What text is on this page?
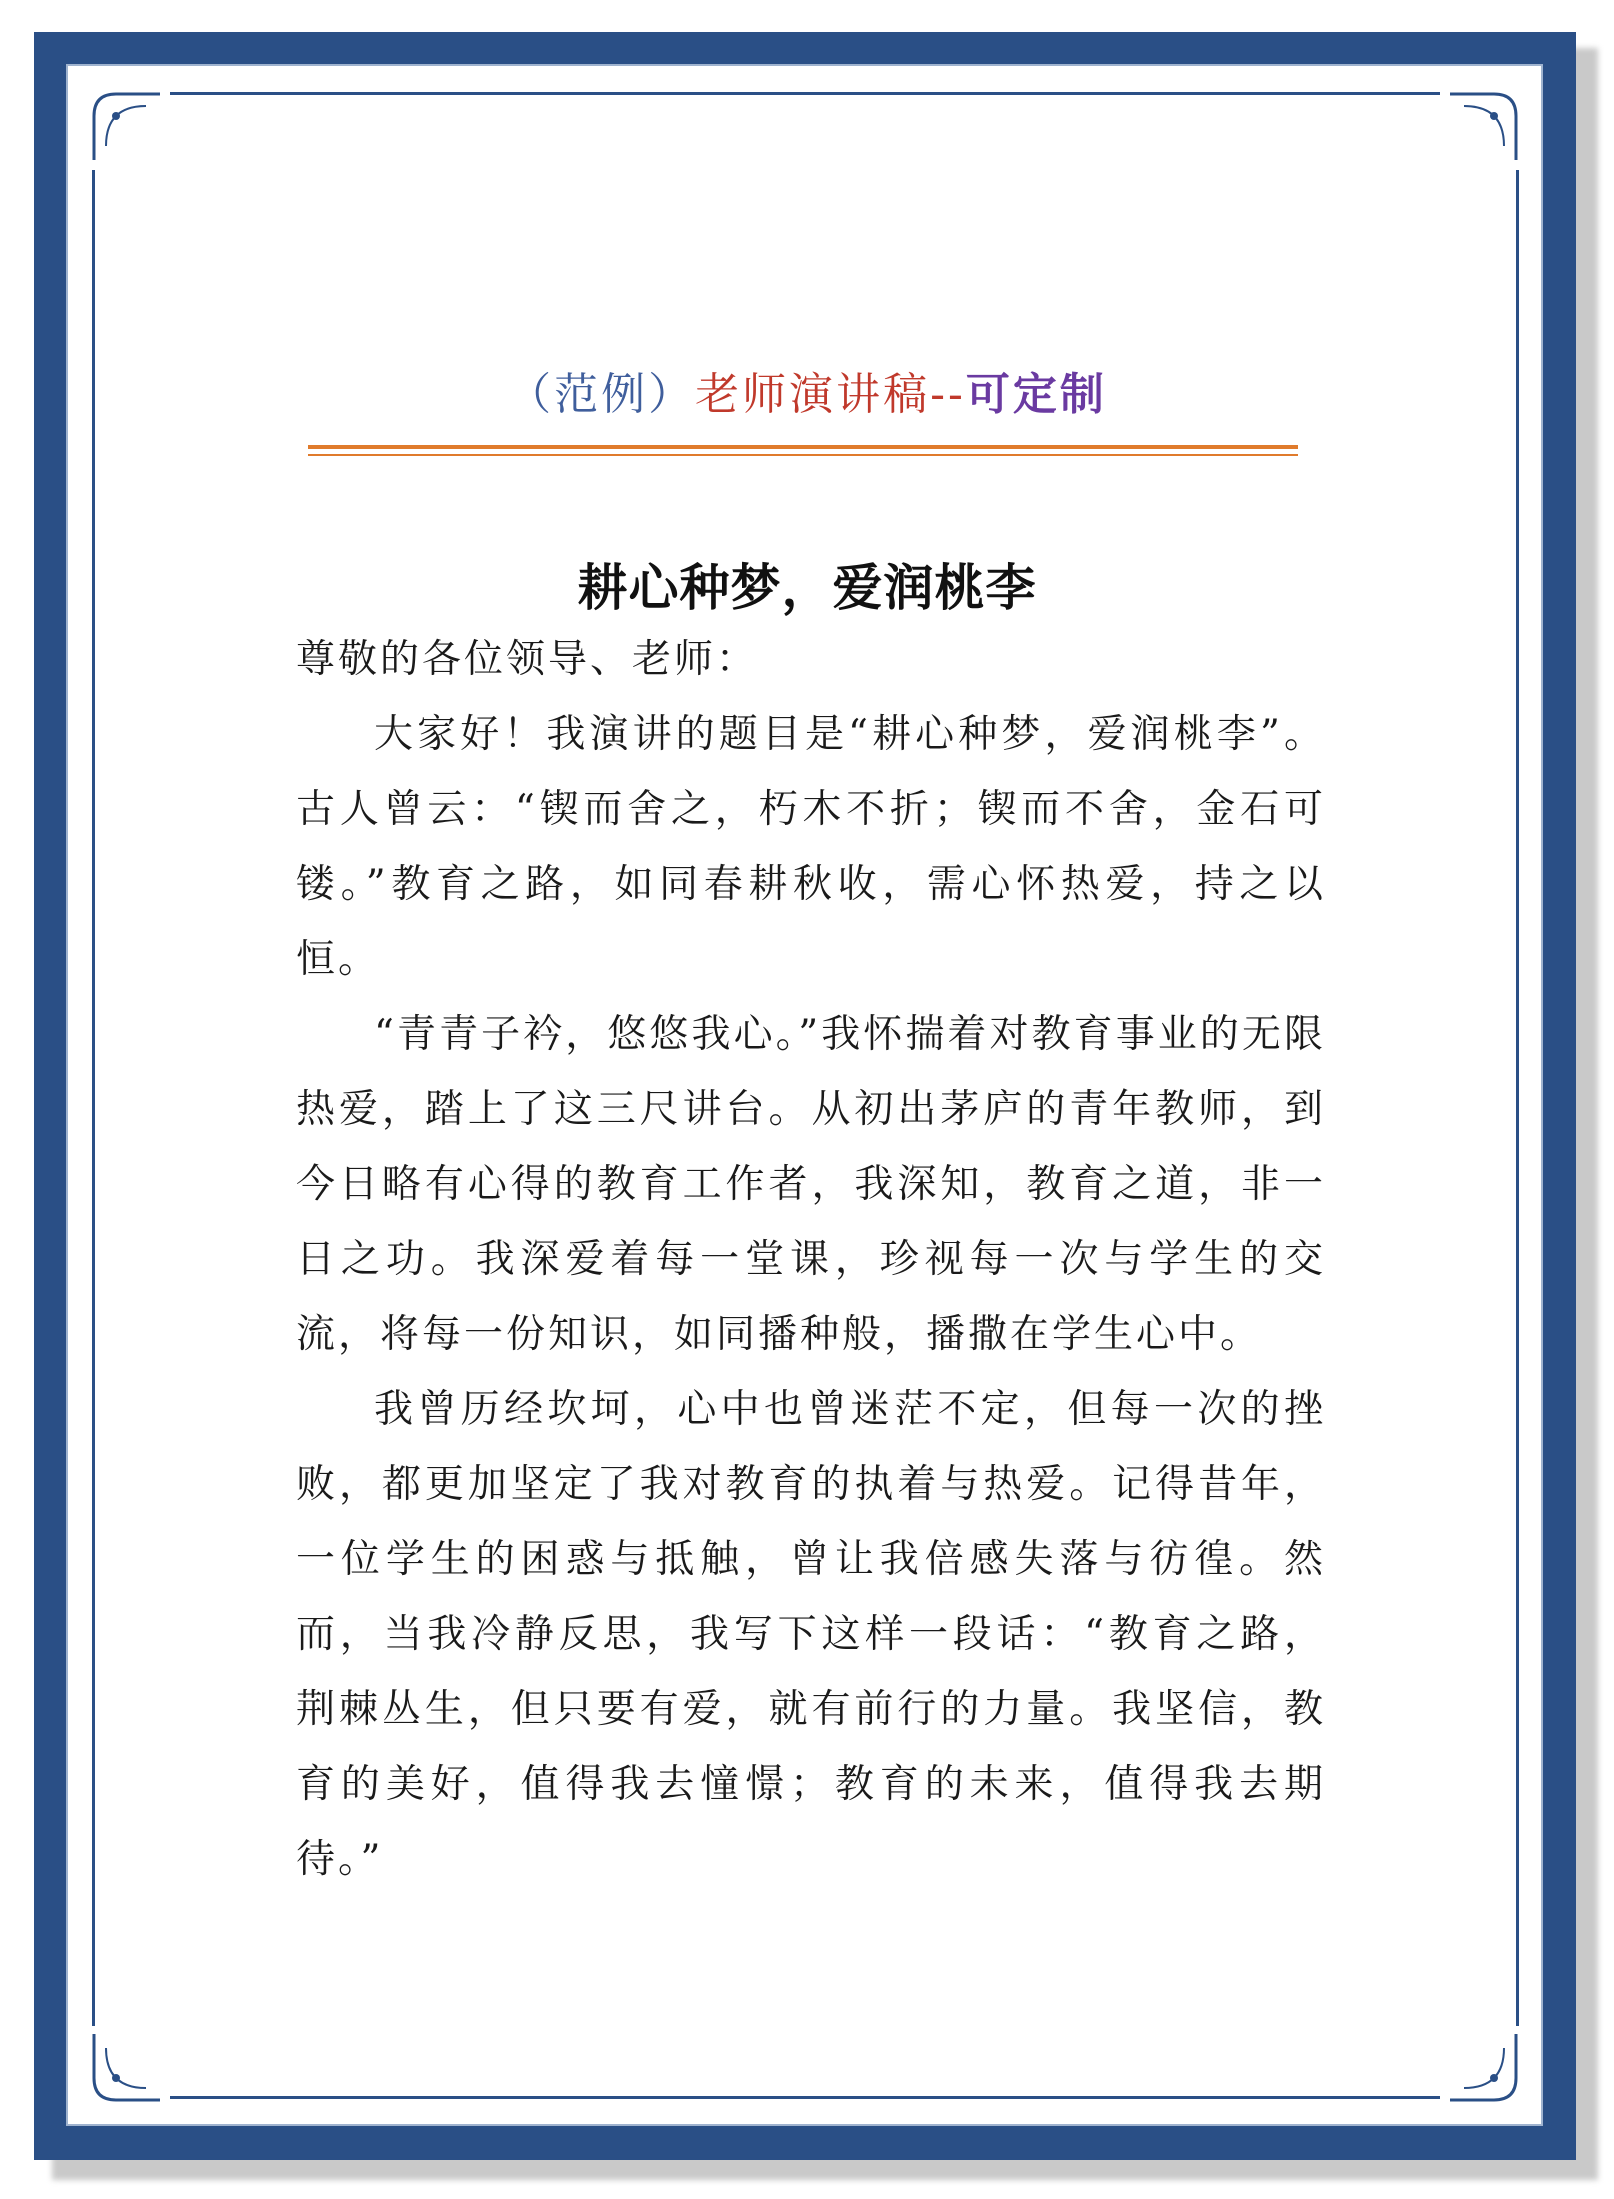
（范例）老师演讲稿--可定制
耕心种梦，爱润桃李

尊敬的各位领导、老师：

大家好！我演讲的题目是“耕心种梦，爱润桃李”。古人曾云：“锲而舍之，朽木不折；锲而不舍，金石可镂。”教育之路，如同春耕秋收，需心怀热爱，持之以恒。

“青青子衿，悠悠我心。”我怀揣着对教育事业的无限热爱，踏上了这三尺讲台。从初出茅庐的青年教师，到今日略有心得的教育工作者，我深知，教育之道，非一日之功。我深爱着每一堂课，珍视每一次与学生的交流，将每一份知识，如同播种般，播撒在学生心中。

我曾历经坎坷，心中也曾迷茫不定，但每一次的挫败，都更加坚定了我对教育的执着与热爱。记得昔年，一位学生的困惑与抵触，曾让我倍感失落与彷徨。然而，当我冷静反思，我写下这样一段话：“教育之路，荆棘丛生，但只要有爱，就有前行的力量。我坚信，教育的美好，值得我去憧憬；教育的未来，值得我去期待。”
